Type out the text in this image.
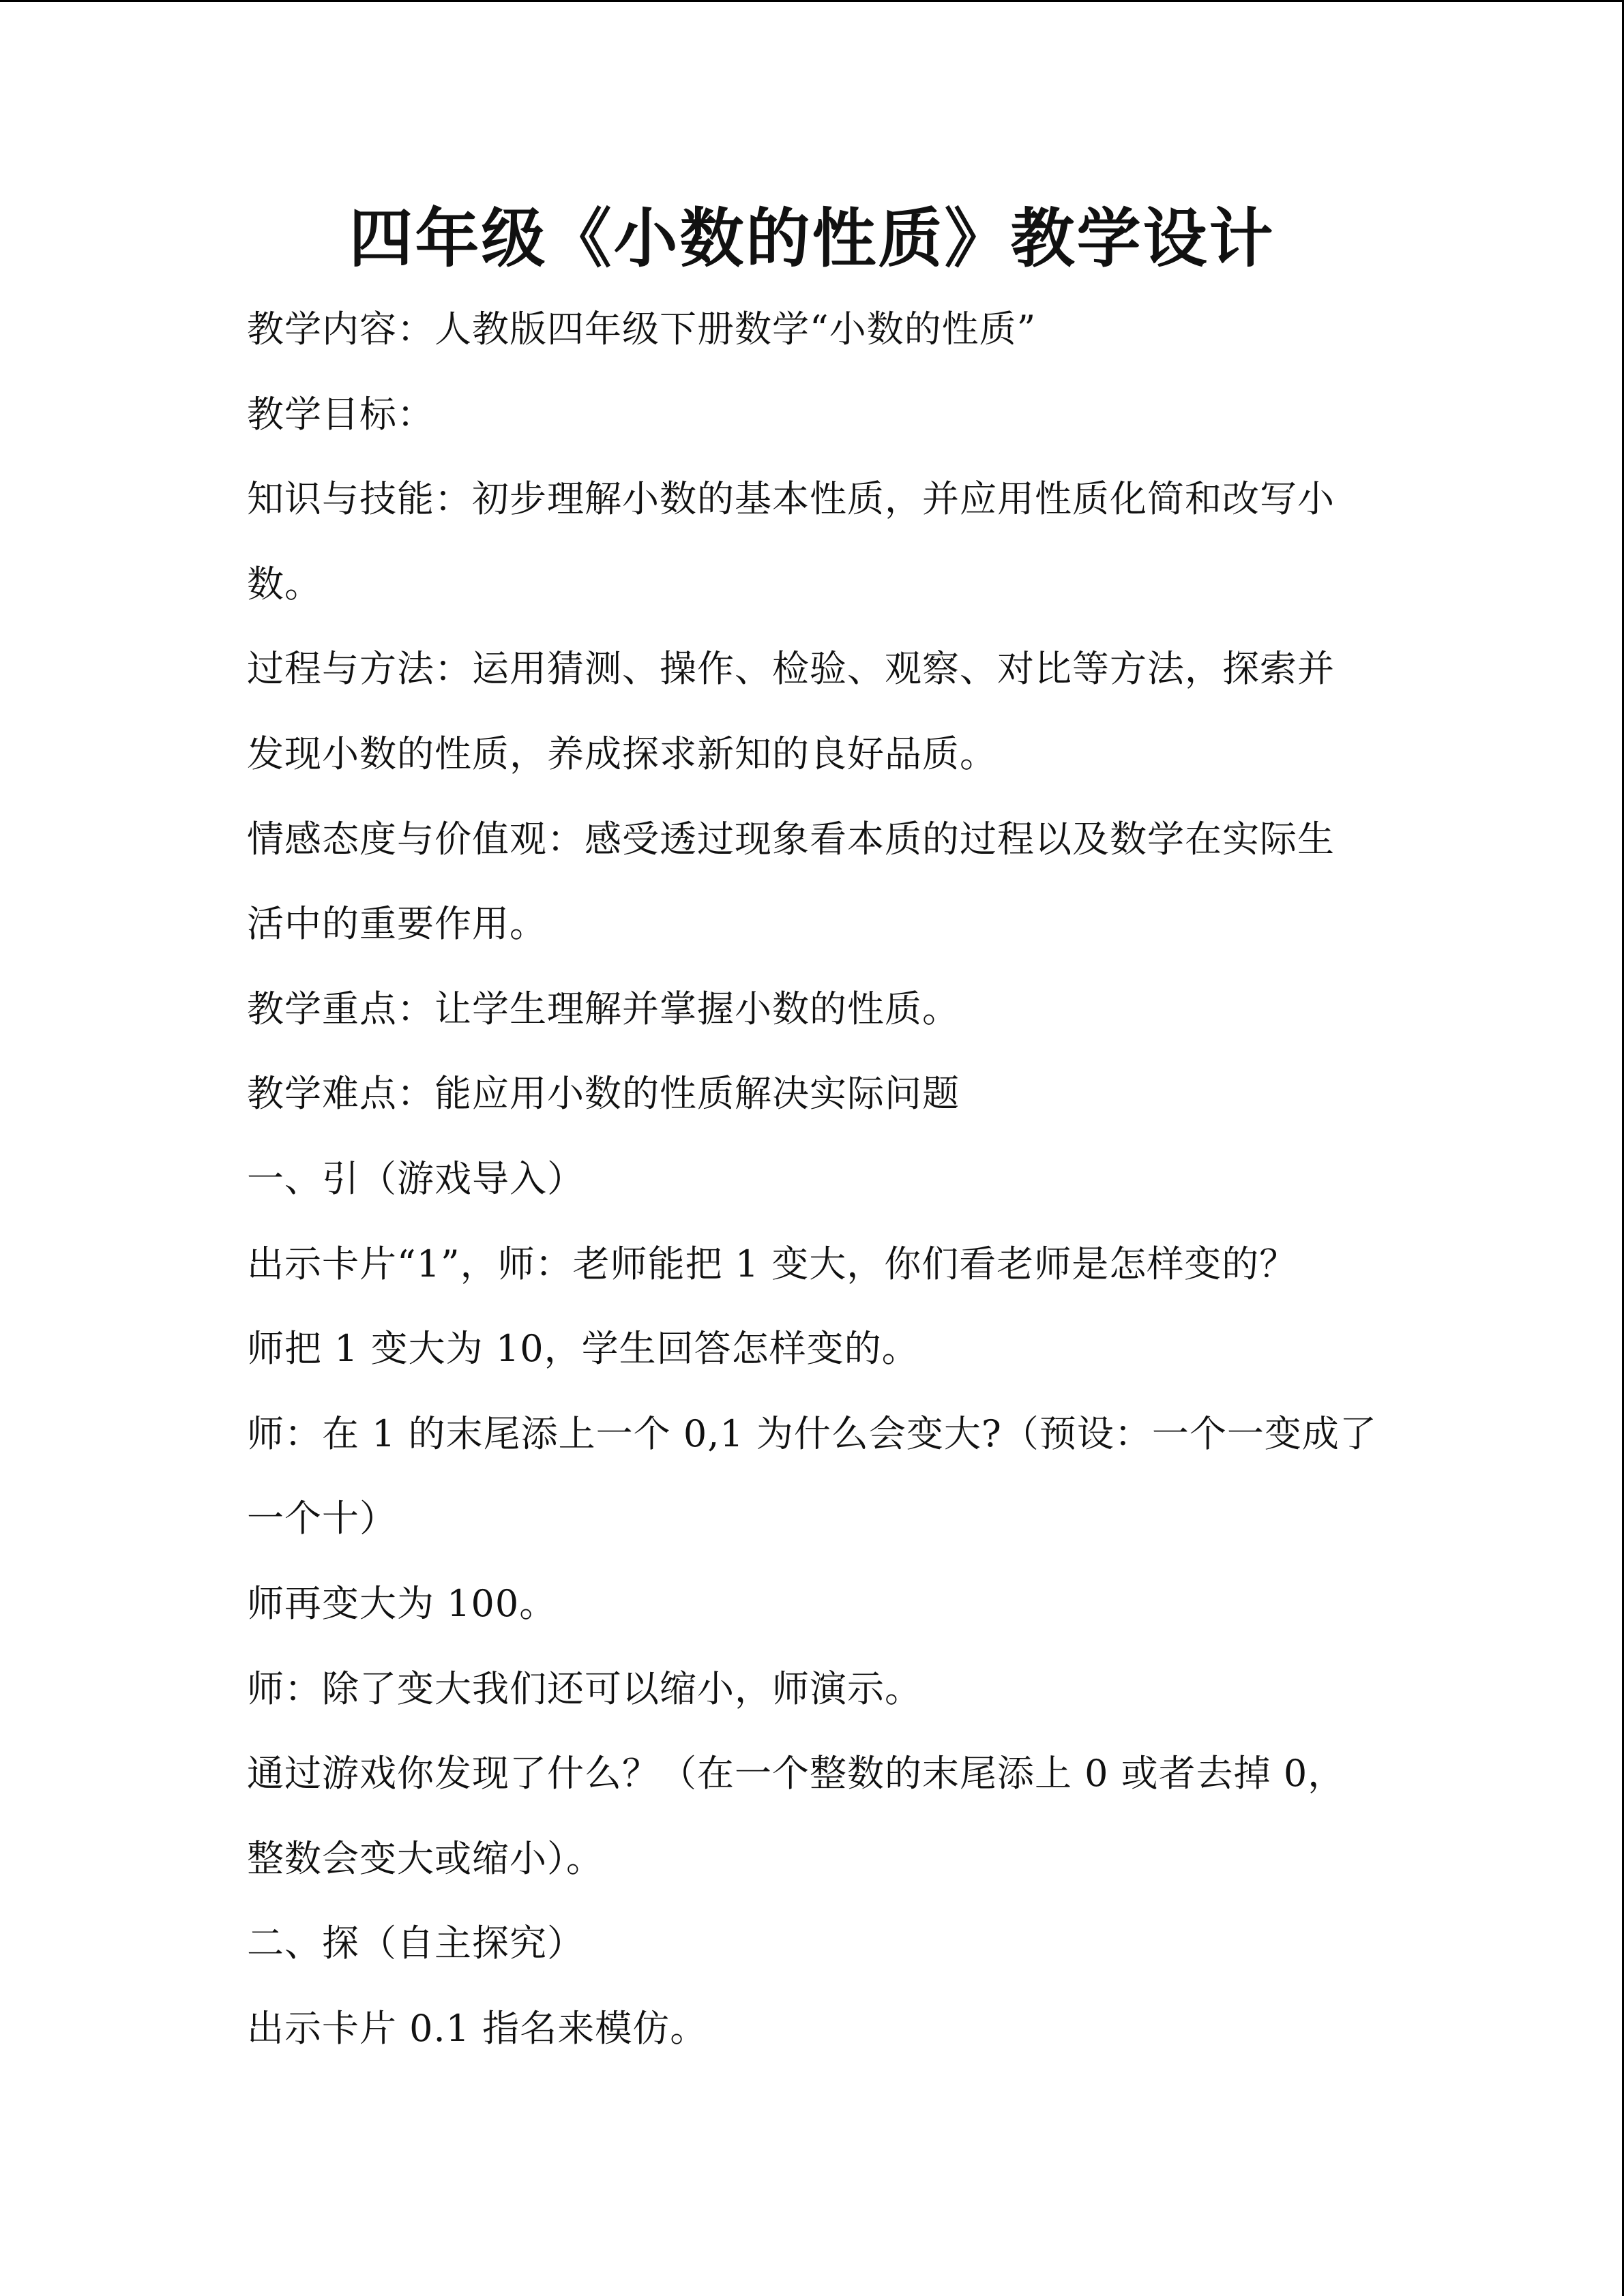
四年级《小数的性质》教学设计
教学内容：人教版四年级下册数学“小数的性质”
教学目标：
知识与技能：初步理解小数的基本性质，并应用性质化简和改写小
数。
过程与方法：运用猜测、操作、检验、观察、对比等方法，探索并
发现小数的性质，养成探求新知的良好品质。
情感态度与价值观：感受透过现象看本质的过程以及数学在实际生
活中的重要作用。
教学重点：让学生理解并掌握小数的性质。
教学难点：能应用小数的性质解决实际问题
一、引（游戏导入）
出示卡片“1”，师：老师能把 1 变大，你们看老师是怎样变的？
师把 1 变大为 10，学生回答怎样变的。
师：在 1 的末尾添上一个 0,1 为什么会变大?（预设：一个一变成了
一个十）
师再变大为 100。
师：除了变大我们还可以缩小，师演示。
通过游戏你发现了什么？（在一个整数的末尾添上 0 或者去掉 0，
整数会变大或缩小）。
二、探（自主探究）
出示卡片 0.1 指名来模仿。
